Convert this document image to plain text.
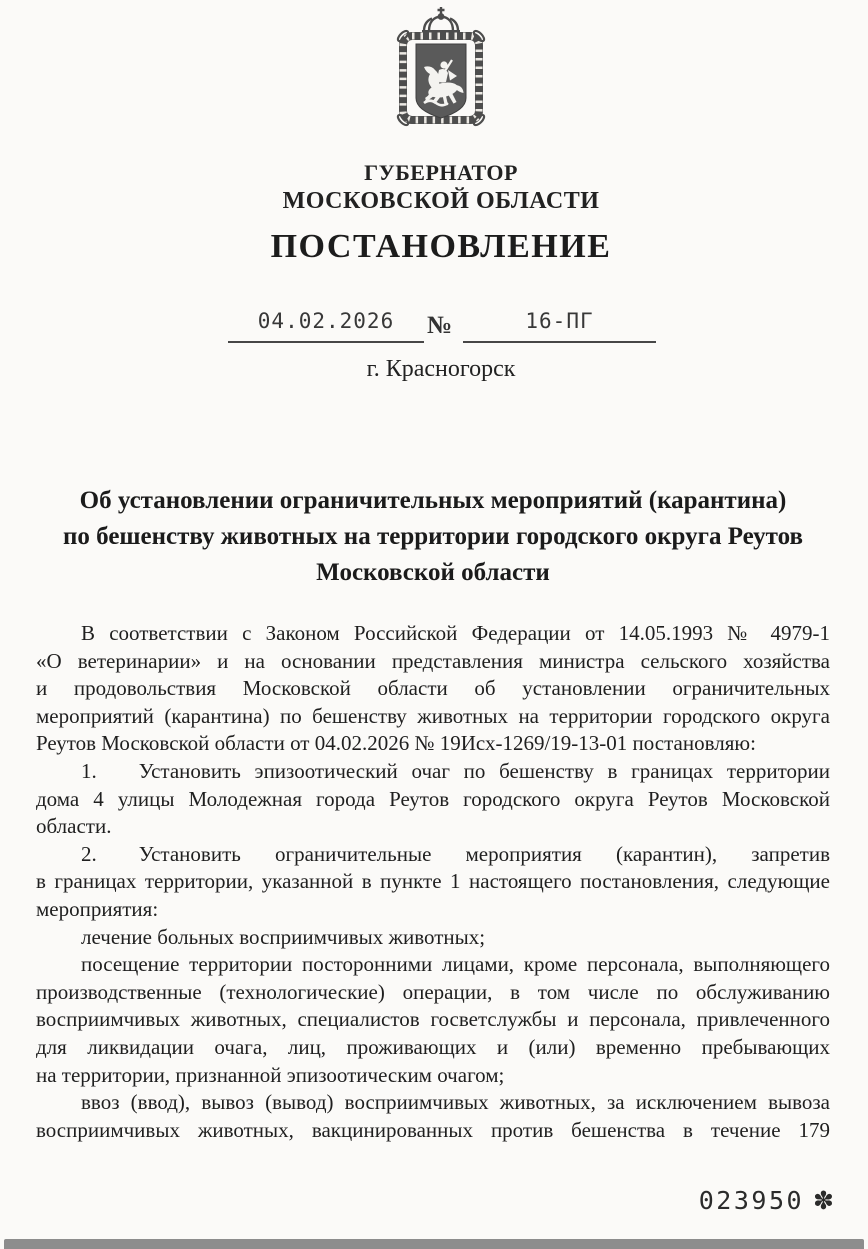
ГУБЕРНАТОР
МОСКОВСКОЙ ОБЛАСТИ
ПОСТАНОВЛЕНИЕ
04.02.2026	№	16-ПГ
г. Красногорск
Об установлении ограничительных мероприятий (карантина)
по бешенству животных на территории городского округа Реутов
Московской области
В соответствии с Законом Российской Федерации от 14.05.1993 № 4979-1
«О ветеринарии» и на основании представления министра сельского хозяйства
и продовольствия Московской области об установлении ограничительных
мероприятий (карантина) по бешенству животных на территории городского округа
Реутов Московской области от 04.02.2026 № 19Исх-1269/19-13-01 постановляю:
1.  Установить эпизоотический очаг по бешенству в границах территории
дома 4 улицы Молодежная города Реутов городского округа Реутов Московской
области.
2.  Установить ограничительные мероприятия (карантин), запретив
в границах территории, указанной в пункте 1 настоящего постановления, следующие
мероприятия:
лечение больных восприимчивых животных;
посещение территории посторонними лицами, кроме персонала, выполняющего
производственные (технологические) операции, в том числе по обслуживанию
восприимчивых животных, специалистов госветслужбы и персонала, привлеченного
для ликвидации очага, лиц, проживающих и (или) временно пребывающих
на территории, признанной эпизоотическим очагом;
ввоз (ввод), вывоз (вывод) восприимчивых животных, за исключением вывоза
восприимчивых животных, вакцинированных против бешенства в течение 179
023950 ✽
